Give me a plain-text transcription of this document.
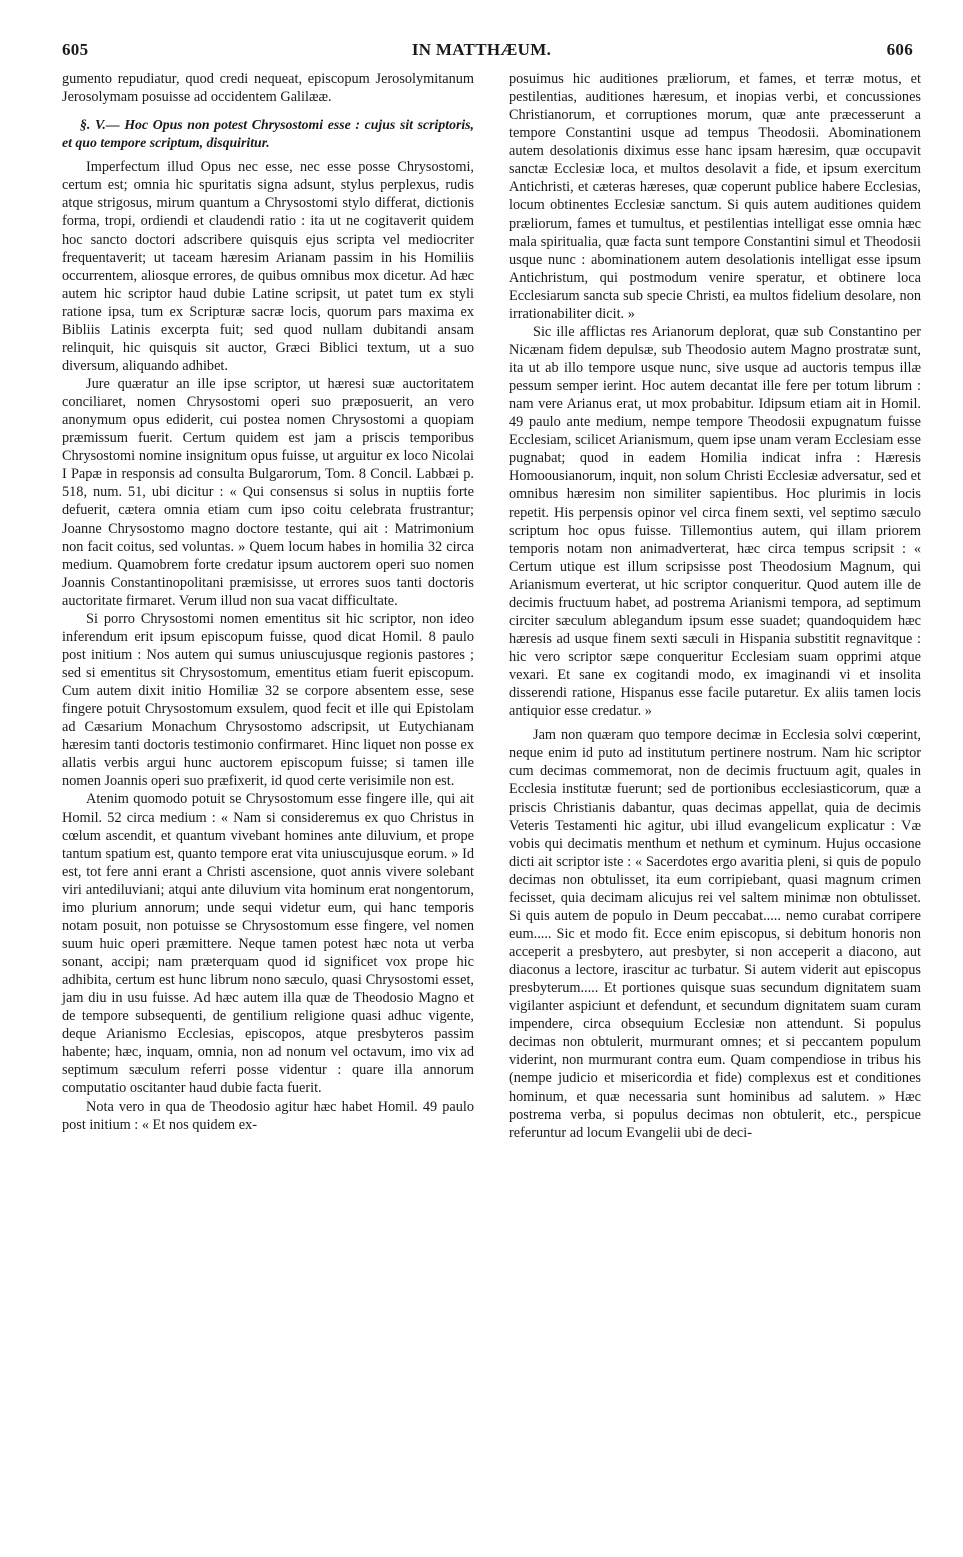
605	IN MATTHÆUM.	606

gumento repudiatur, quod credi nequeat, episcopum Jerosolymitanum Jerosolymam posuisse ad occidentem Galilææ.

§. V.— Hoc Opus non potest Chrysostomi esse : cujus sit scriptoris, et quo tempore scriptum, disquiritur.

Imperfectum illud Opus nec esse, nec esse posse Chrysostomi, certum est; omnia hic spuritatis signa adsunt, stylus perplexus, rudis atque strigosus, mirum quantum a Chrysostomi stylo differat, dictionis forma, tropi, ordiendi et claudendi ratio : ita ut ne cogitaverit quidem hoc sancto doctori adscribere quisquis ejus scripta vel mediocriter frequentaverit; ut taceam hæresim Arianam passim in his Homiliis occurrentem, aliosque errores, de quibus omnibus mox dicetur. Ad hæc autem hic scriptor haud dubie Latine scripsit, ut patet tum ex styli ratione ipsa, tum ex Scripturæ sacræ locis, quorum pars maxima ex Bibliis Latinis excerpta fuit; sed quod nullam dubitandi ansam relinquit, hic quisquis sit auctor, Græci Biblici textum, ut a suo diversum, aliquando adhibet.

Jure quæratur an ille ipse scriptor, ut hæresi suæ auctoritatem conciliaret, nomen Chrysostomi operi suo præposuerit, an vero anonymum opus ediderit, cui postea nomen Chrysostomi a quopiam præmissum fuerit. Certum quidem est jam a priscis temporibus Chrysostomi nomine insignitum opus fuisse, ut arguitur ex loco Nicolai I Papæ in responsis ad consulta Bulgarorum, Tom. 8 Concil. Labbæi p. 518, num. 51, ubi dicitur : « Qui consensus si solus in nuptiis forte defuerit, cætera omnia etiam cum ipso coitu celebrata frustrantur; Joanne Chrysostomo magno doctore testante, qui ait : Matrimonium non facit coitus, sed voluntas. » Quem locum habes in homilia 32 circa medium. Quamobrem forte credatur ipsum auctorem operi suo nomen Joannis Constantinopolitani præmisisse, ut errores suos tanti doctoris auctoritate firmaret. Verum illud non sua vacat difficultate.

Si porro Chrysostomi nomen ementitus sit hic scriptor, non ideo inferendum erit ipsum episcopum fuisse, quod dicat Homil. 8 paulo post initium : Nos autem qui sumus uniuscujusque regionis pastores ; sed si ementitus sit Chrysostomum, ementitus etiam fuerit episcopum. Cum autem dixit initio Homiliæ 32 se corpore absentem esse, sese fingere potuit Chrysostomum exsulem, quod fecit et ille qui Epistolam ad Cæsarium Monachum Chrysostomo adscripsit, ut Eutychianam hæresim tanti doctoris testimonio confirmaret. Hinc liquet non posse ex allatis verbis argui hunc auctorem episcopum fuisse; si tamen ille nomen Joannis operi suo præfixerit, id quod certe verisimile non est.

Atenim quomodo potuit se Chrysostomum esse fingere ille, qui ait Homil. 52 circa medium : « Nam si consideremus ex quo Christus in cœlum ascendit, et quantum vivebant homines ante diluvium, et prope tantum spatium est, quanto tempore erat vita uniuscujusque eorum. » Id est, tot fere anni erant a Christi ascensione, quot annis vivere solebant viri antediluviani; atqui ante diluvium vita hominum erat nongentorum, imo plurium annorum; unde sequi videtur eum, qui hanc temporis notam posuit, non potuisse se Chrysostomum esse fingere, vel nomen suum huic operi præmittere. Neque tamen potest hæc nota ut verba sonant, accipi; nam præterquam quod id significet vox prope hic adhibita, certum est hunc librum nono sæculo, quasi Chrysostomi esset, jam diu in usu fuisse. Ad hæc autem illa quæ de Theodosio Magno et de tempore subsequenti, de gentilium religione quasi adhuc vigente, deque Arianismo Ecclesias, episcopos, atque presbyteros passim habente; hæc, inquam, omnia, non ad nonum vel octavum, imo vix ad septimum sæculum referri posse videntur : quare illa annorum computatio oscitanter haud dubie facta fuerit.

Nota vero in qua de Theodosio agitur hæc habet Homil. 49 paulo post initium : « Et nos quidem ex-

posuimus hic auditiones præliorum, et fames, et terræ motus, et pestilentias, auditiones hæresum, et inopias verbi, et concussiones Christianorum, et corruptiones morum, quæ ante præcesserunt a tempore Constantini usque ad tempus Theodosii. Abominationem autem desolationis diximus esse hanc ipsam hæresim, quæ occupavit sanctæ Ecclesiæ loca, et multos desolavit a fide, et ipsum exercitum Antichristi, et cæteras hæreses, quæ coperunt publice habere Ecclesias, locum obtinentes Ecclesiæ sanctum. Si quis autem auditiones quidem præliorum, fames et tumultus, et pestilentias intelligat esse omnia hæc mala spiritualia, quæ facta sunt tempore Constantini simul et Theodosii usque nunc : abominationem autem desolationis intelligat esse ipsum Antichristum, qui postmodum venire speratur, et obtinere loca Ecclesiarum sancta sub specie Christi, ea multos fidelium desolare, non irrationabiliter dicit. »

Sic ille afflictas res Arianorum deplorat, quæ sub Constantino per Nicænam fidem depulsæ, sub Theodosio autem Magno prostratæ sunt, ita ut ab illo tempore usque nunc, sive usque ad auctoris tempus illæ pessum semper ierint. Hoc autem decantat ille fere per totum librum : nam vere Arianus erat, ut mox probabitur. Idipsum etiam ait in Homil. 49 paulo ante medium, nempe tempore Theodosii expugnatum fuisse Ecclesiam, scilicet Arianismum, quem ipse unam veram Ecclesiam esse pugnabat; quod in eadem Homilia indicat infra : Hæresis Homoousianorum, inquit, non solum Christi Ecclesiæ adversatur, sed et omnibus hæresim non similiter sapientibus. Hoc plurimis in locis repetit. His perpensis opinor vel circa finem sexti, vel septimo sæculo scriptum hoc opus fuisse. Tillemontius autem, qui illam priorem temporis notam non animadverterat, hæc circa tempus scripsit : « Certum utique est illum scripsisse post Theodosium Magnum, qui Arianismum everterat, ut hic scriptor conqueritur. Quod autem ille de decimis fructuum habet, ad postrema Arianismi tempora, ad septimum circiter sæculum ablegandum ipsum esse suadet; quandoquidem hæc hæresis ad usque finem sexti sæculi in Hispania substitit regnavitque : hic vero scriptor sæpe conqueritur Ecclesiam suam opprimi atque vexari. Et sane ex cogitandi modo, ex imaginandi vi et insolita disserendi ratione, Hispanus esse facile putaretur. Ex aliis tamen locis antiquior esse credatur. »

Jam non quæram quo tempore decimæ in Ecclesia solvi cœperint, neque enim id puto ad institutum pertinere nostrum. Nam hic scriptor cum decimas commemorat, non de decimis fructuum agit, quales in Ecclesia institutæ fuerunt; sed de portionibus ecclesiasticorum, quæ a priscis Christianis dabantur, quas decimas appellat, quia de decimis Veteris Testamenti hic agitur, ubi illud evangelicum explicatur : Væ vobis qui decimatis menthum et nethum et cyminum. Hujus occasione dicti ait scriptor iste : « Sacerdotes ergo avaritia pleni, si quis de populo decimas non obtulisset, ita eum corripiebant, quasi magnum crimen fecisset, quia decimam alicujus rei vel saltem minimæ non obtulisset. Si quis autem de populo in Deum peccabat..... nemo curabat corripere eum..... Sic et modo fit. Ecce enim episcopus, si debitum honoris non acceperit a presbytero, aut presbyter, si non acceperit a diacono, aut diaconus a lectore, irascitur ac turbatur. Si autem viderit aut episcopus presbyterum..... Et portiones quisque suas secundum dignitatem suam vigilanter aspiciunt et defendunt, et secundum dignitatem suam curam impendere, circa obsequium Ecclesiæ non attendunt. Si populus decimas non obtulerit, murmurant omnes; et si peccantem populum viderint, non murmurant contra eum. Quam compendiose in tribus his (nempe judicio et misericordia et fide) complexus est et conditiones hominum, et quæ necessaria sunt hominibus ad salutem. » Hæc postrema verba, si populus decimas non obtulerit, etc., perspicue referuntur ad locum Evangelii ubi de deci-
